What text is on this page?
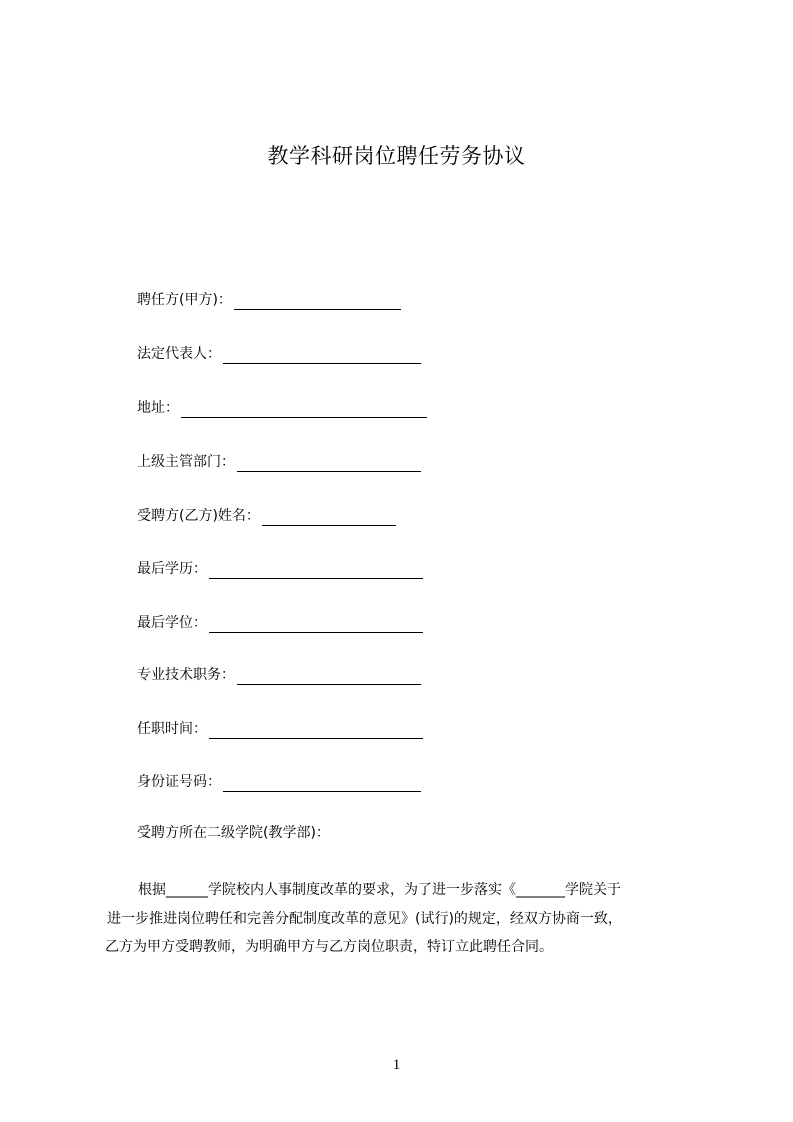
教学科研岗位聘任劳务协议
聘任方(甲方)：
法定代表人：
地址：
上级主管部门：
受聘方(乙方)姓名：
最后学历：
最后学位：
专业技术职务：
任职时间：
身份证号码：
受聘方所在二级学院(教学部)：
根据______学院校内人事制度改革的要求，为了进一步落实《_______学院关于
进一步推进岗位聘任和完善分配制度改革的意见》(试行)的规定，经双方协商一致，
乙方为甲方受聘教师，为明确甲方与乙方岗位职责，特订立此聘任合同。
1
